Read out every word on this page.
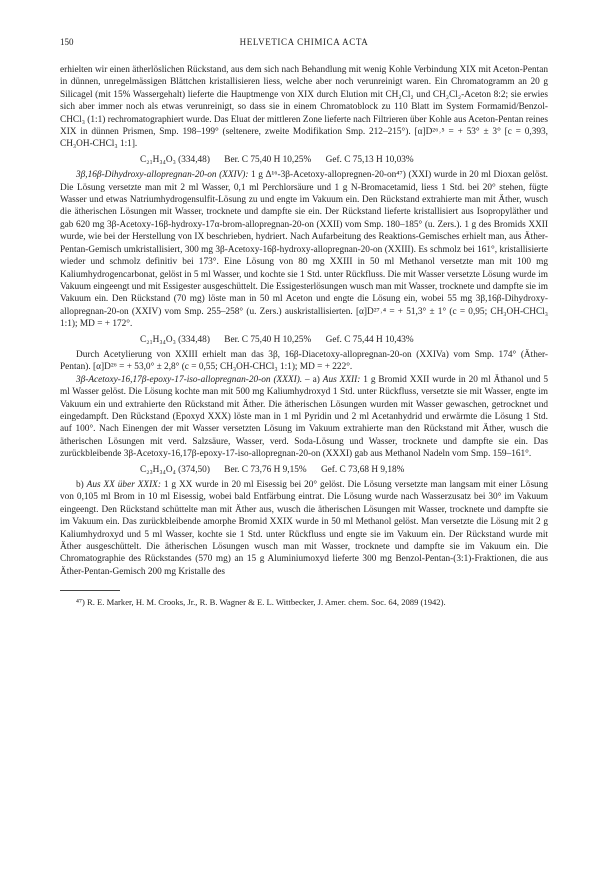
150	HELVETICA CHIMICA ACTA

erhielten wir einen ätherlöslichen Rückstand, aus dem sich nach Behandlung mit wenig Kohle Verbindung XIX mit Aceton-Pentan in dünnen, unregelmässigen Blättchen kristallisieren liess, welche aber noch verunreinigt waren. Ein Chromatogramm an 20 g Silicagel (mit 15% Wassergehalt) lieferte die Hauptmenge von XIX durch Elution mit CH₂Cl₂ und CH₂Cl₂-Aceton 8:2; sie erwies sich aber immer noch als etwas verunreinigt, so dass sie in einem Chromatoblock zu 110 Blatt im System Formamid/Benzol-CHCl₃ (1:1) rechromatographiert wurde. Das Eluat der mittleren Zone lieferte nach Filtrieren über Kohle aus Aceton-Pentan reines XIX in dünnen Prismen, Smp. 198–199° (seltenere, zweite Modifikation Smp. 212–215°). [α]D²⁶˒⁵ = + 53° ± 3° [c = 0,393, CH₃OH-CHCl₃ 1:1].

C₂₁H₃₄O₃ (334,48) Ber. C 75,40 H 10,25% Gef. C 75,13 H 10,03%

3β,16β-Dihydroxy-allopregnan-20-on (XXIV): 1 g Δ¹⁶-3β-Acetoxy-allopregnen-20-on⁴⁷) (XXI) wurde in 20 ml Dioxan gelöst. Die Lösung versetzte man mit 2 ml Wasser, 0,1 ml Perchlorsäure und 1 g N-Bromacetamid, liess 1 Std. bei 20° stehen, fügte Wasser und etwas Natriumhydrogensulfit-Lösung zu und engte im Vakuum ein. Den Rückstand extrahierte man mit Äther, wusch die ätherischen Lösungen mit Wasser, trocknete und dampfte sie ein. Der Rückstand lieferte kristallisiert aus Isopropyläther und gab 620 mg 3β-Acetoxy-16β-hydroxy-17α-brom-allopregnan-20-on (XXII) vom Smp. 180–185° (u. Zers.). 1 g des Bromids XXII wurde, wie bei der Herstellung von IX beschrieben, hydriert. Nach Aufarbeitung des Reaktions-Gemisches erhielt man, aus Äther-Pentan-Gemisch umkristallisiert, 300 mg 3β-Acetoxy-16β-hydroxy-allopregnan-20-on (XXIII). Es schmolz bei 161°, kristallisierte wieder und schmolz definitiv bei 173°. Eine Lösung von 80 mg XXIII in 50 ml Methanol versetzte man mit 100 mg Kaliumhydrogencarbonat, gelöst in 5 ml Wasser, und kochte sie 1 Std. unter Rückfluss. Die mit Wasser versetzte Lösung wurde im Vakuum eingeengt und mit Essigester ausgeschüttelt. Die Essigesterlösungen wusch man mit Wasser, trocknete und dampfte sie im Vakuum ein. Den Rückstand (70 mg) löste man in 50 ml Aceton und engte die Lösung ein, wobei 55 mg 3β,16β-Dihydroxy-allopregnan-20-on (XXIV) vom Smp. 255–258° (u. Zers.) auskristallisierten. [α]D²⁷˒⁴ = + 51,3° ± 1° (c = 0,95; CH₃OH-CHCl₃ 1:1); MD = + 172°.

C₂₁H₃₄O₃ (334,48) Ber. C 75,40 H 10,25% Gef. C 75,44 H 10,43%

Durch Acetylierung von XXIII erhielt man das 3β, 16β-Diacetoxy-allopregnan-20-on (XXIVa) vom Smp. 174° (Äther-Pentan). [α]D²⁶ = + 53,0° ± 2,8° (c = 0,55; CH₃OH-CHCl₃ 1:1); MD = + 222°.

3β-Acetoxy-16,17β-epoxy-17-iso-allopregnan-20-on (XXXI). – a) Aus XXII: 1 g Bromid XXII wurde in 20 ml Äthanol und 5 ml Wasser gelöst. Die Lösung kochte man mit 500 mg Kaliumhydroxyd 1 Std. unter Rückfluss, versetzte sie mit Wasser, engte im Vakuum ein und extrahierte den Rückstand mit Äther. Die ätherischen Lösungen wurden mit Wasser gewaschen, getrocknet und eingedampft. Den Rückstand (Epoxyd XXX) löste man in 1 ml Pyridin und 2 ml Acetanhydrid und erwärmte die Lösung 1 Std. auf 100°. Nach Einengen der mit Wasser versetzten Lösung im Vakuum extrahierte man den Rückstand mit Äther, wusch die ätherischen Lösungen mit verd. Salzsäure, Wasser, verd. Soda-Lösung und Wasser, trocknete und dampfte sie ein. Das zurückbleibende 3β-Acetoxy-16,17β-epoxy-17-iso-allopregnan-20-on (XXXI) gab aus Methanol Nadeln vom Smp. 159–161°.

C₂₃H₃₄O₄ (374,50) Ber. C 73,76 H 9,15% Gef. C 73,68 H 9,18%

b) Aus XX über XXIX: 1 g XX wurde in 20 ml Eisessig bei 20° gelöst. Die Lösung versetzte man langsam mit einer Lösung von 0,105 ml Brom in 10 ml Eisessig, wobei bald Entfärbung eintrat. Die Lösung wurde nach Wasserzusatz bei 30° im Vakuum eingeengt. Den Rückstand schüttelte man mit Äther aus, wusch die ätherischen Lösungen mit Wasser, trocknete und dampfte sie im Vakuum ein. Das zurückbleibende amorphe Bromid XXIX wurde in 50 ml Methanol gelöst. Man versetzte die Lösung mit 2 g Kaliumhydroxyd und 5 ml Wasser, kochte sie 1 Std. unter Rückfluss und engte sie im Vakuum ein. Der Rückstand wurde mit Äther ausgeschüttelt. Die ätherischen Lösungen wusch man mit Wasser, trocknete und dampfte sie im Vakuum ein. Die Chromatographie des Rückstandes (570 mg) an 15 g Aluminiumoxyd lieferte 300 mg Benzol-Pentan-(3:1)-Fraktionen, die aus Äther-Pentan-Gemisch 200 mg Kristalle des

⁴⁷) R. E. Marker, H. M. Crooks, Jr., R. B. Wagner & E. L. Wittbecker, J. Amer. chem. Soc. 64, 2089 (1942).
